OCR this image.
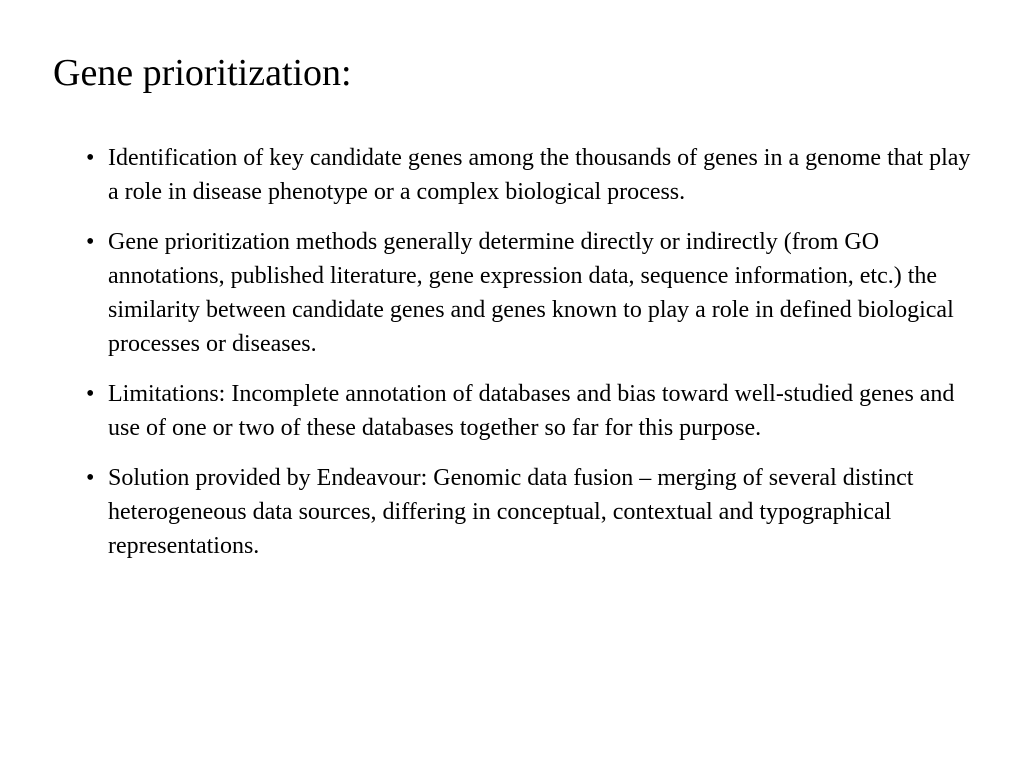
Gene prioritization:
• Identification of key candidate genes among the thousands of genes in a genome that play a role in disease phenotype or a complex biological process.
• Gene prioritization methods generally determine directly or indirectly (from GO annotations, published literature, gene expression data, sequence information, etc.) the similarity between candidate genes and genes known to play a role in defined biological processes or diseases.
• Limitations: Incomplete annotation of databases and bias toward well-studied genes and use of one or two of these databases together so far for this purpose.
• Solution provided by Endeavour: Genomic data fusion – merging of several distinct heterogeneous data sources, differing in conceptual, contextual and typographical representations.
